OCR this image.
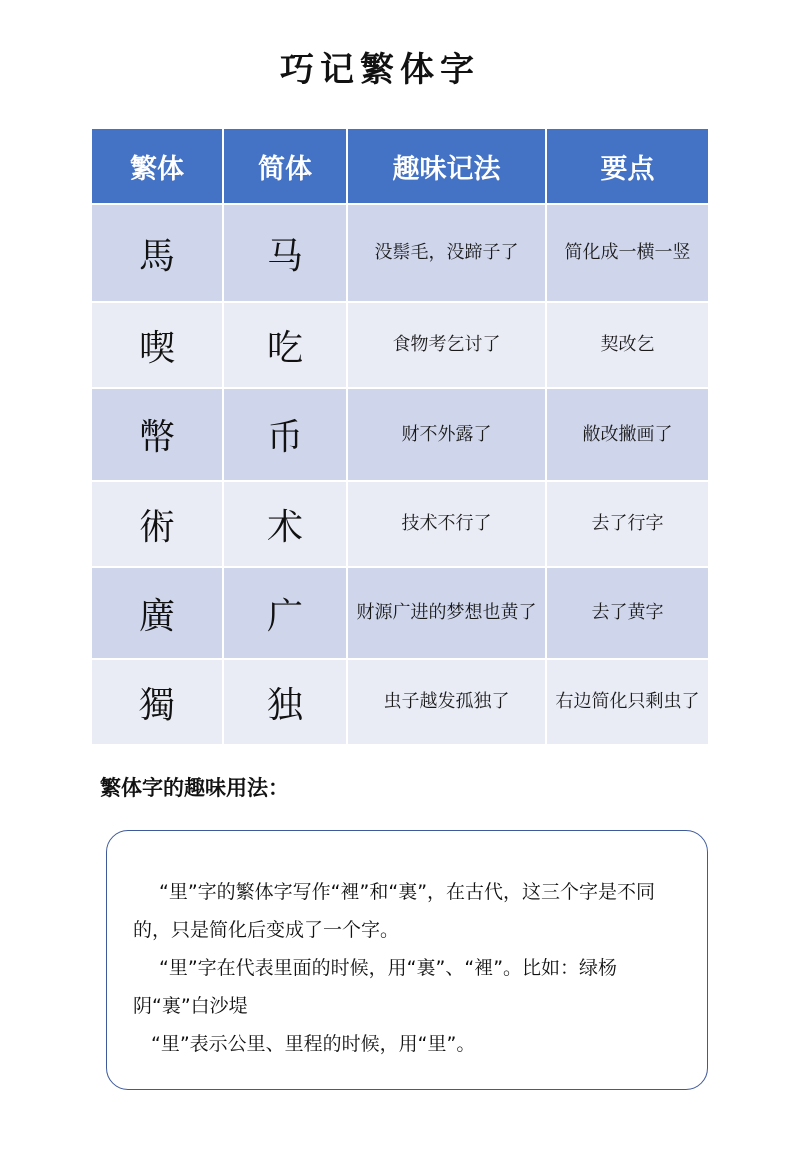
巧记繁体字
繁体	简体	趣味记法	要点
馬	马	没鬃毛，没蹄子了	简化成一横一竖
喫	吃	食物考乞讨了	契改乞
幣	币	财不外露了	敝改撇画了
術	术	技术不行了	去了行字
廣	广	财源广进的梦想也黄了	去了黄字
獨	独	虫子越发孤独了	右边简化只剩虫了
繁体字的趣味用法：

“里”字的繁体字写作“裡”和“裏”，在古代，这三个字是不同的，只是简化后变成了一个字。

“里”字在代表里面的时候，用“裏”、“裡”。比如：绿杨阴“裏”白沙堤

“里”表示公里、里程的时候，用“里”。
